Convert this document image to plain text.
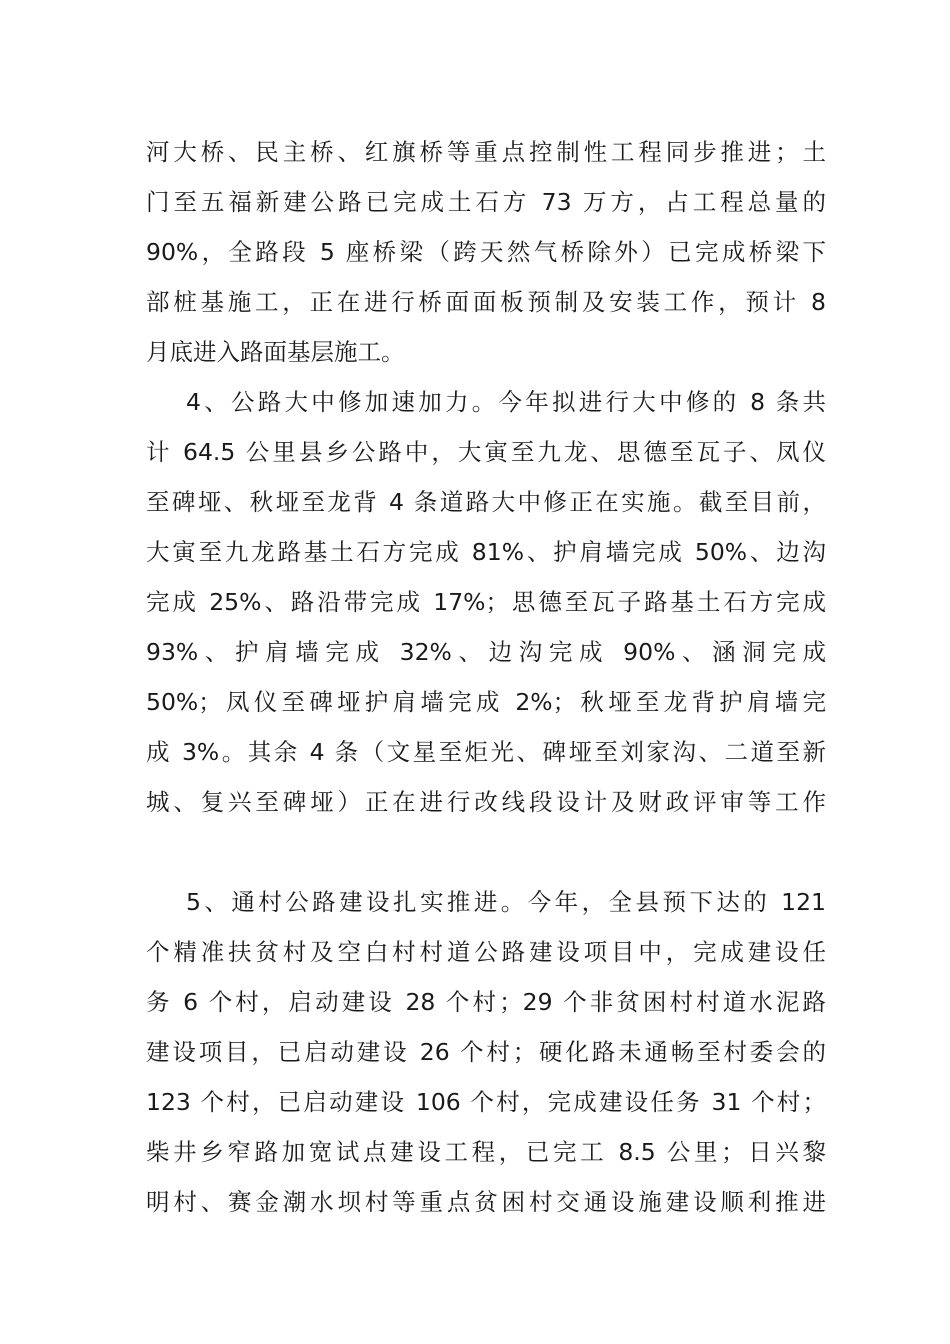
河大桥、民主桥、红旗桥等重点控制性工程同步推进；土
门至五福新建公路已完成土石方 73 万方，占工程总量的
90%，全路段 5 座桥梁（跨天然气桥除外）已完成桥梁下
部桩基施工，正在进行桥面面板预制及安装工作，预计 8
月底进入路面基层施工。
4、公路大中修加速加力。今年拟进行大中修的 8 条共
计 64.5 公里县乡公路中，大寅至九龙、思德至瓦子、凤仪
至碑垭、秋垭至龙背 4 条道路大中修正在实施。截至目前，
大寅至九龙路基土石方完成 81%、护肩墙完成 50%、边沟
完成 25%、路沿带完成 17%；思德至瓦子路基土石方完成
93%、护肩墙完成 32%、边沟完成 90%、涵洞完成
50%；凤仪至碑垭护肩墙完成 2%；秋垭至龙背护肩墙完
成 3%。其余 4 条（文星至炬光、碑垭至刘家沟、二道至新
城、复兴至碑垭）正在进行改线段设计及财政评审等工作
5、通村公路建设扎实推进。今年，全县预下达的 121
个精准扶贫村及空白村村道公路建设项目中，完成建设任
务 6 个村，启动建设 28 个村；29 个非贫困村村道水泥路
建设项目，已启动建设 26 个村；硬化路未通畅至村委会的
123 个村，已启动建设 106 个村，完成建设任务 31 个村；
柴井乡窄路加宽试点建设工程，已完工 8.5 公里；日兴黎
明村、赛金潮水坝村等重点贫困村交通设施建设顺利推进
